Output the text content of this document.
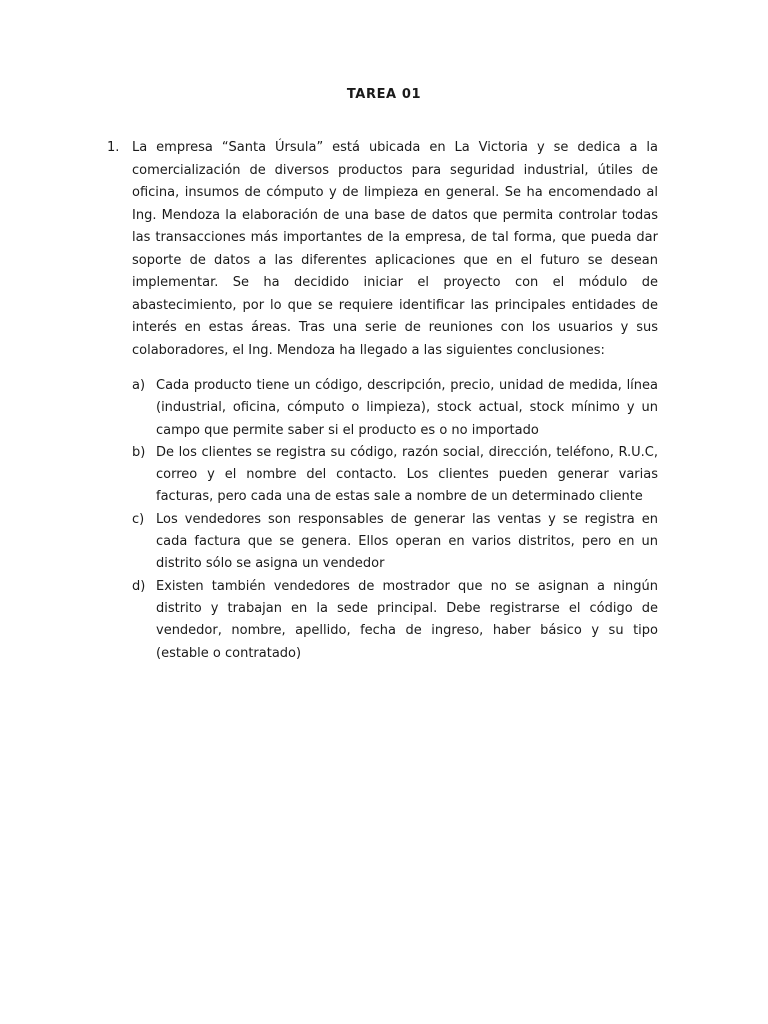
TAREA 01
1. La empresa “Santa Úrsula” está ubicada en La Victoria y se dedica a la comercialización de diversos productos para seguridad industrial, útiles de oficina, insumos de cómputo y de limpieza en general. Se ha encomendado al Ing. Mendoza la elaboración de una base de datos que permita controlar todas las transacciones más importantes de la empresa, de tal forma, que pueda dar soporte de datos a las diferentes aplicaciones que en el futuro se desean implementar. Se ha decidido iniciar el proyecto con el módulo de abastecimiento, por lo que se requiere identificar las principales entidades de interés en estas áreas. Tras una serie de reuniones con los usuarios y sus colaboradores, el Ing. Mendoza ha llegado a las siguientes conclusiones:
a) Cada producto tiene un código, descripción, precio, unidad de medida, línea (industrial, oficina, cómputo o limpieza), stock actual, stock mínimo y un campo que permite saber si el producto es o no importado
b) De los clientes se registra su código, razón social, dirección, teléfono, R.U.C, correo y el nombre del contacto. Los clientes pueden generar varias facturas, pero cada una de estas sale a nombre de un determinado cliente
c) Los vendedores son responsables de generar las ventas y se registra en cada factura que se genera. Ellos operan en varios distritos, pero en un distrito sólo se asigna un vendedor
d) Existen también vendedores de mostrador que no se asignan a ningún distrito y trabajan en la sede principal. Debe registrarse el código de vendedor, nombre, apellido, fecha de ingreso, haber básico y su tipo (estable o contratado)
